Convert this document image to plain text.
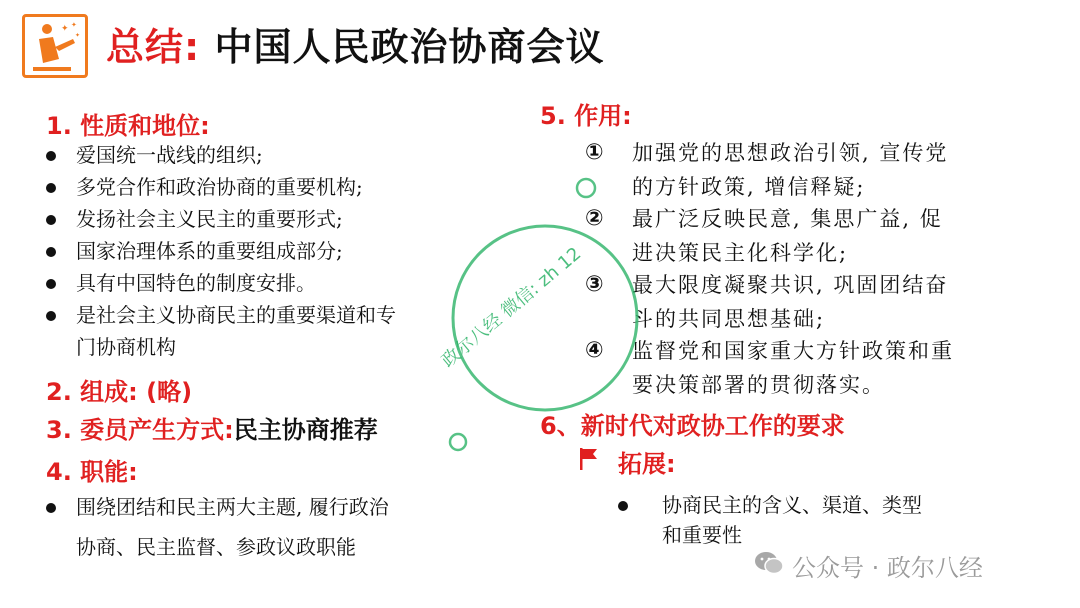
✦ ✦
✦ 总结: 中国人民政治协商会议
1. 性质和地位:
爱国统一战线的组织;
多党合作和政治协商的重要机构;
发扬社会主义民主的重要形式;
国家治理体系的重要组成部分;
具有中国特色的制度安排。
是社会主义协商民主的重要渠道和专
门协商机构
2. 组成: (略)
3. 委员产生方式:民主协商推荐
4. 职能:
围绕团结和民主两大主题, 履行政治
协商、民主监督、参政议政职能
5. 作用:
① 加强党的思想政治引领, 宣传党
的方针政策, 增信释疑;
② 最广泛反映民意, 集思广益, 促
进决策民主化科学化;
③ 最大限度凝聚共识, 巩固团结奋
斗的共同思想基础;
④ 监督党和国家重大方针政策和重
要决策部署的贯彻落实。
6、新时代对政协工作的要求
拓展:
协商民主的含义、渠道、类型
和重要性
政尔八经 微信: zh 12
公众号 · 政尔八经
